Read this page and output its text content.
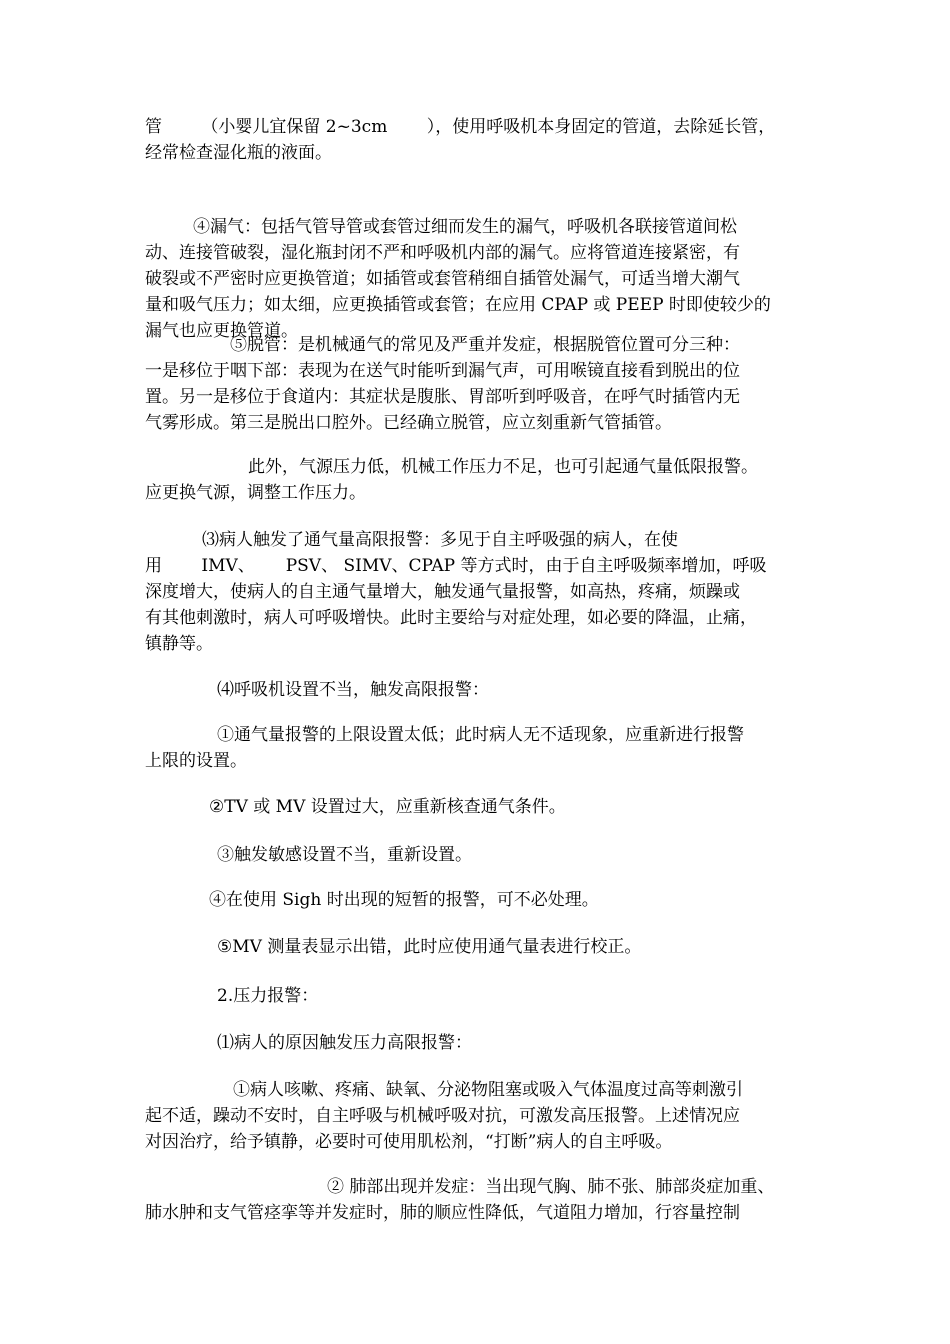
管　　 （小婴儿宜保留 2~3cm　　 ），使用呼吸机本身固定的管道，去除延长管，
经常检查湿化瓶的液面。
④漏气：包括气管导管或套管过细而发生的漏气，呼吸机各联接管道间松
动、连接管破裂，湿化瓶封闭不严和呼吸机内部的漏气。应将管道连接紧密，有
破裂或不严密时应更换管道；如插管或套管稍细自插管处漏气，可适当增大潮气
量和吸气压力；如太细，应更换插管或套管；在应用 CPAP 或 PEEP 时即使较少的
漏气也应更换管道。
⑤脱管：是机械通气的常见及严重并发症，根据脱管位置可分三种：
一是移位于咽下部：表现为在送气时能听到漏气声，可用喉镜直接看到脱出的位
置。另一是移位于食道内：其症状是腹胀、胃部听到呼吸音，在呼气时插管内无
气雾形成。第三是脱出口腔外。已经确立脱管，应立刻重新气管插管。
此外，气源压力低，机械工作压力不足，也可引起通气量低限报警。
应更换气源，调整工作压力。
⑶病人触发了通气量高限报警：多见于自主呼吸强的病人，在使
用　　 IMV、　　 PSV、 SIMV、CPAP 等方式时，由于自主呼吸频率增加，呼吸
深度增大，使病人的自主通气量增大，触发通气量报警，如高热，疼痛，烦躁或
有其他刺激时，病人可呼吸增快。此时主要给与对症处理，如必要的降温，止痛，
镇静等。
⑷呼吸机设置不当，触发高限报警：
①通气量报警的上限设置太低；此时病人无不适现象，应重新进行报警
上限的设置。
②TV 或 MV 设置过大，应重新核查通气条件。
③触发敏感设置不当，重新设置。
④在使用 Sigh 时出现的短暂的报警，可不必处理。
⑤MV 测量表显示出错，此时应使用通气量表进行校正。
2.压力报警：
⑴病人的原因触发压力高限报警：
①病人咳嗽、疼痛、缺氧、分泌物阻塞或吸入气体温度过高等刺激引
起不适，躁动不安时，自主呼吸与机械呼吸对抗，可激发高压报警。上述情况应
对因治疗，给予镇静，必要时可使用肌松剂，“打断”病人的自主呼吸。
② 肺部出现并发症：当出现气胸、肺不张、肺部炎症加重、
肺水肿和支气管痉挛等并发症时，肺的顺应性降低，气道阻力增加，行容量控制
